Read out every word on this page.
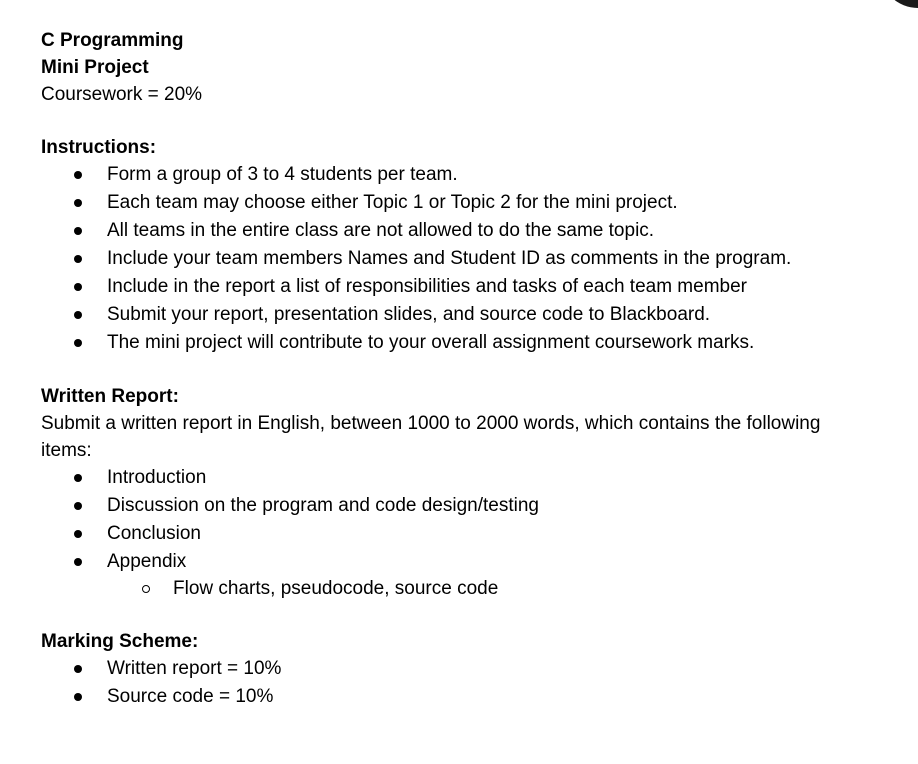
C Programming

Mini Project

Coursework = 20%

Instructions:

Form a group of 3 to 4 students per team.
Each team may choose either Topic 1 or Topic 2 for the mini project.
All teams in the entire class are not allowed to do the same topic.
Include your team members Names and Student ID as comments in the program.
Include in the report a list of responsibilities and tasks of each team member
Submit your report, presentation slides, and source code to Blackboard.
The mini project will contribute to your overall assignment coursework marks.

Written Report:

Submit a written report in English, between 1000 to 2000 words, which contains the following items:

Introduction
Discussion on the program and code design/testing
Conclusion
Appendix
Flow charts, pseudocode, source code

Marking Scheme:

Written report = 10%
Source code = 10%
